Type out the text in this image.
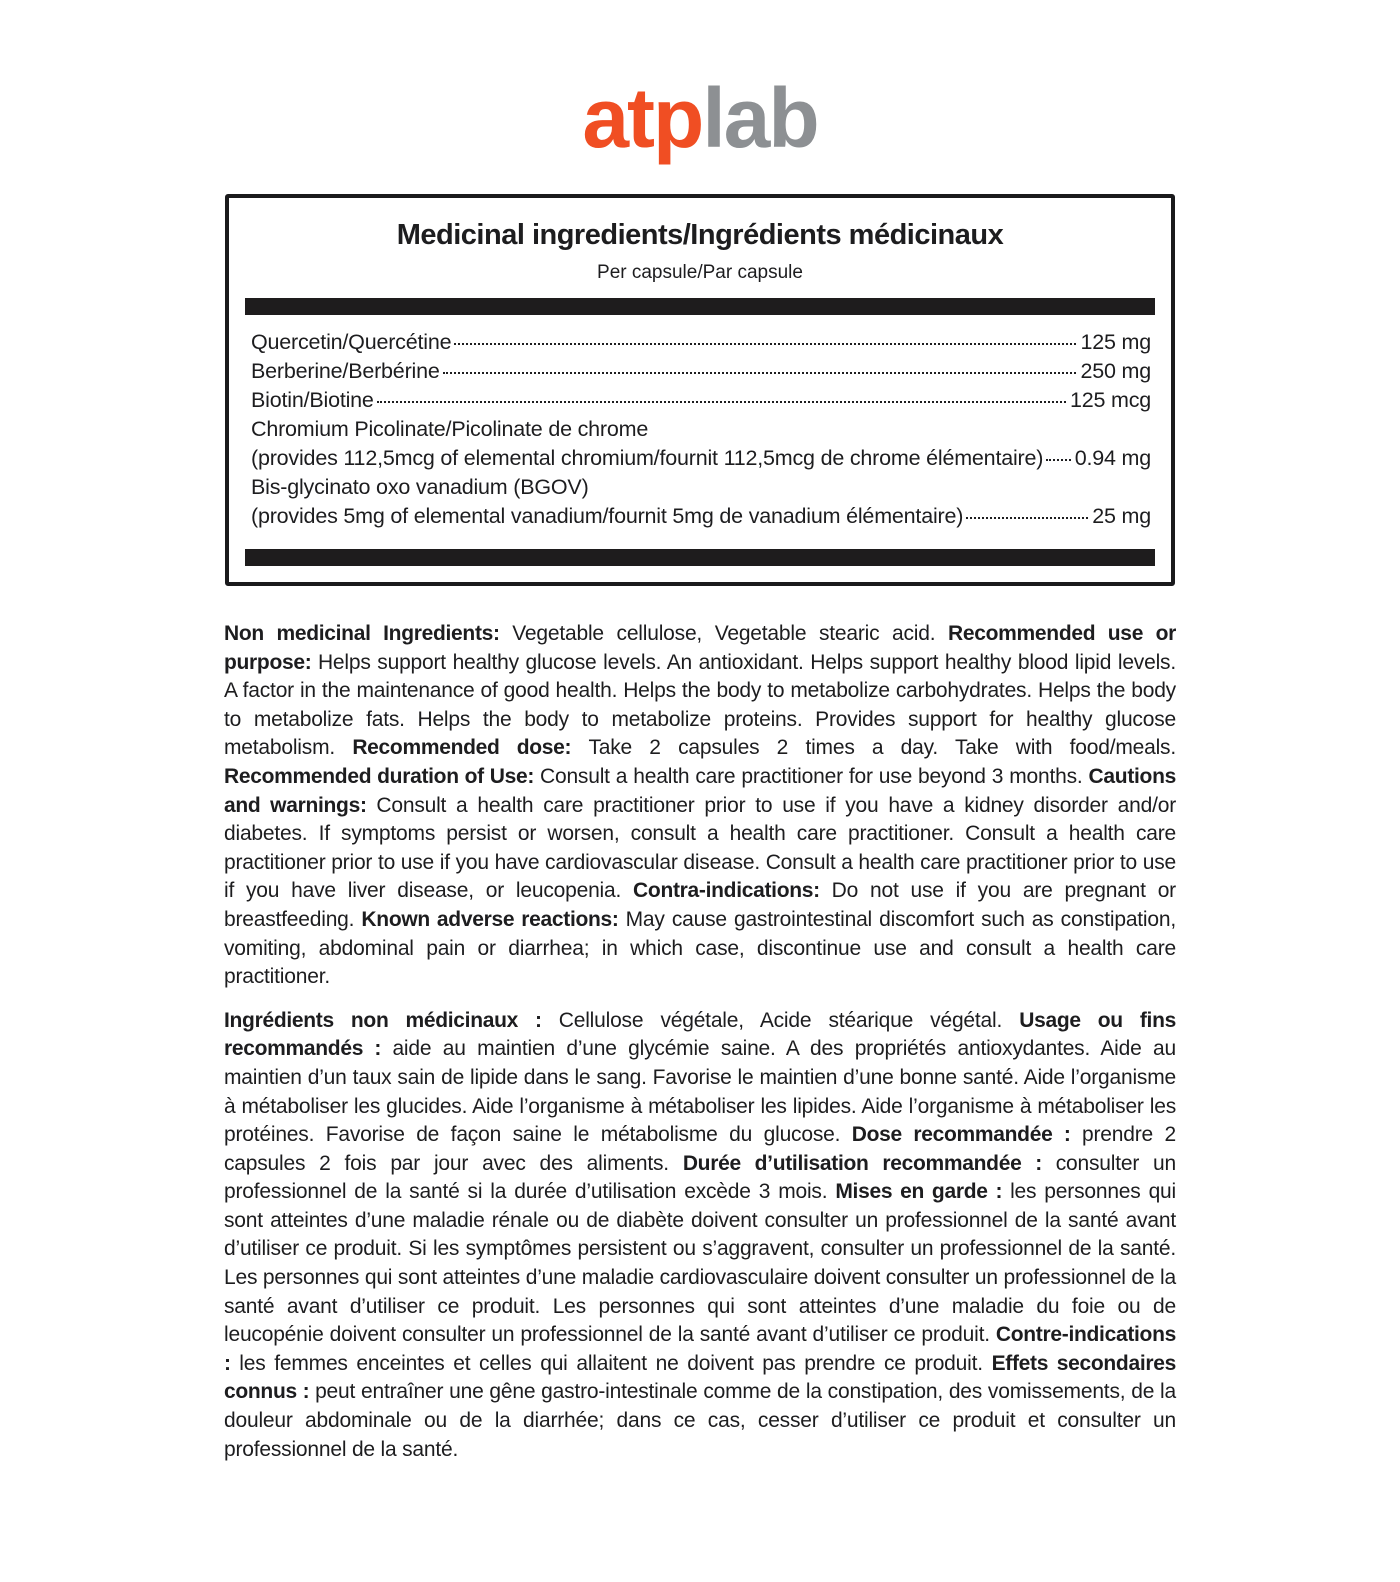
atplab
Medicinal ingredients/Ingrédients médicinaux
Per capsule/Par capsule
Quercetin/Quercétine	125 mg
Berberine/Berbérine	250 mg
Biotin/Biotine	125 mcg
Chromium Picolinate/Picolinate de chrome
(provides 112,5mcg of elemental chromium/fournit 112,5mcg de chrome élémentaire) 0.94 mg
Bis-glycinato oxo vanadium (BGOV)
(provides 5mg of elemental vanadium/fournit 5mg de vanadium élémentaire)	25 mg

Non medicinal Ingredients: Vegetable cellulose, Vegetable stearic acid. Recommended use or purpose: Helps support healthy glucose levels. An antioxidant. Helps support healthy blood lipid levels. A factor in the maintenance of good health. Helps the body to metabolize carbohydrates. Helps the body to metabolize fats. Helps the body to metabolize proteins. Provides support for healthy glucose metabolism. Recommended dose: Take 2 capsules 2 times a day. Take with food/meals. Recommended duration of Use: Consult a health care practitioner for use beyond 3 months. Cautions and warnings: Consult a health care practitioner prior to use if you have a kidney disorder and/or diabetes. If symptoms persist or worsen, consult a health care practitioner. Consult a health care practitioner prior to use if you have cardiovascular disease. Consult a health care practitioner prior to use if you have liver disease, or leucopenia. Contra-indications: Do not use if you are pregnant or breastfeeding. Known adverse reactions: May cause gastrointestinal discomfort such as constipation, vomiting, abdominal pain or diarrhea; in which case, discontinue use and consult a health care practitioner.

Ingrédients non médicinaux : Cellulose végétale, Acide stéarique végétal. Usage ou fins recommandés : aide au maintien d’une glycémie saine. A des propriétés antioxydantes. Aide au maintien d’un taux sain de lipide dans le sang. Favorise le maintien d’une bonne santé. Aide l’organisme à métaboliser les glucides. Aide l’organisme à métaboliser les lipides. Aide l’organisme à métaboliser les protéines. Favorise de façon saine le métabolisme du glucose. Dose recommandée : prendre 2 capsules 2 fois par jour avec des aliments. Durée d’utilisation recommandée : consulter un professionnel de la santé si la durée d’utilisation excède 3 mois. Mises en garde : les personnes qui sont atteintes d’une maladie rénale ou de diabète doivent consulter un professionnel de la santé avant d’utiliser ce produit. Si les symptômes persistent ou s’aggravent, consulter un professionnel de la santé. Les personnes qui sont atteintes d’une maladie cardiovasculaire doivent consulter un professionnel de la santé avant d’utiliser ce produit. Les personnes qui sont atteintes d’une maladie du foie ou de leucopénie doivent consulter un professionnel de la santé avant d’utiliser ce produit. Contre-indications : les femmes enceintes et celles qui allaitent ne doivent pas prendre ce produit. Effets secondaires connus : peut entraîner une gêne gastro-intestinale comme de la constipation, des vomissements, de la douleur abdominale ou de la diarrhée; dans ce cas, cesser d’utiliser ce produit et consulter un professionnel de la santé.
